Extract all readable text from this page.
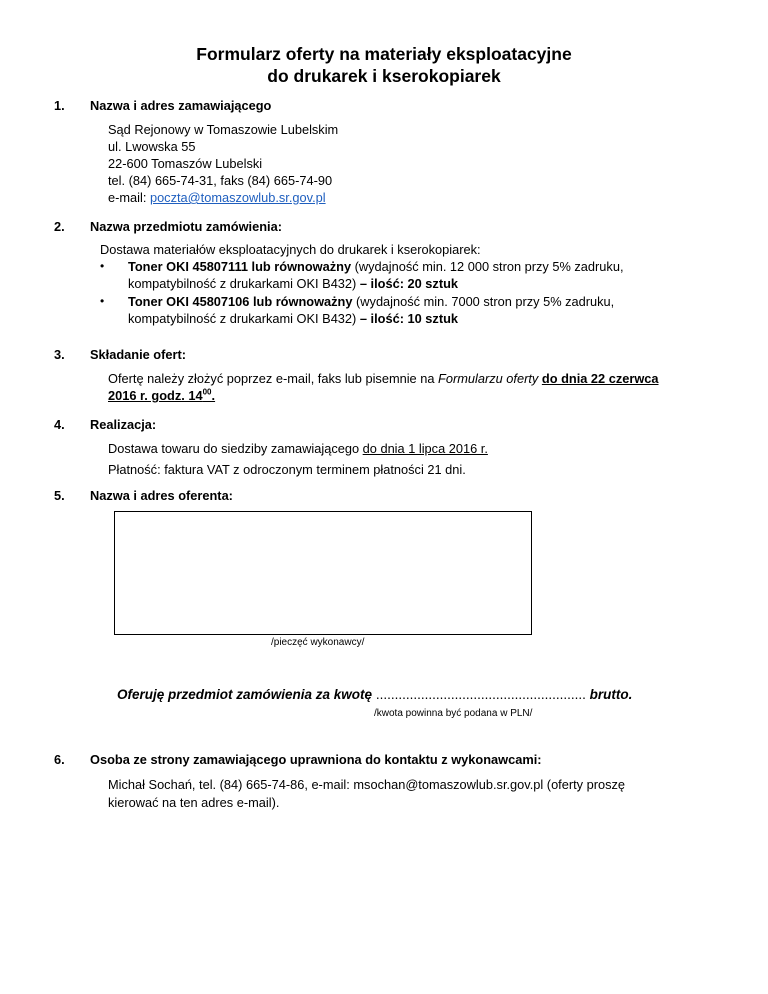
Formularz oferty na materiały eksploatacyjne
do drukarek i kserokopiarek
1. Nazwa i adres zamawiającego
Sąd Rejonowy w Tomaszowie Lubelskim
ul. Lwowska 55
22-600 Tomaszów Lubelski
tel. (84) 665-74-31, faks (84) 665-74-90
e-mail: poczta@tomaszowlub.sr.gov.pl
2. Nazwa przedmiotu zamówienia:
Dostawa materiałów eksploatacyjnych do drukarek i kserokopiarek:
• Toner OKI 45807111 lub równoważny (wydajność min. 12 000 stron przy 5% zadruku,
kompatybilność z drukarkami OKI B432) – ilość: 20 sztuk
• Toner OKI 45807106 lub równoważny (wydajność min. 7000 stron przy 5% zadruku,
kompatybilność z drukarkami OKI B432) – ilość: 10 sztuk
3. Składanie ofert:
Ofertę należy złożyć poprzez e-mail, faks lub pisemnie na Formularzu oferty do dnia 22 czerwca
2016 r. godz. $14^{00}$.
4. Realizacja:
Dostawa towaru do siedziby zamawiającego do dnia 1 lipca 2016 r.
Płatność: faktura VAT z odroczonym terminem płatności 21 dni.
5. Nazwa i adres oferenta:
/pieczęć wykonawcy/
Oferuję przedmiot zamówienia za kwotę ........................................................ brutto.
/kwota powinna być podana w PLN/
6. Osoba ze strony zamawiającego uprawniona do kontaktu z wykonawcami:
Michał Sochań, tel. (84) 665-74-86, e-mail: msochan@tomaszowlub.sr.gov.pl (oferty proszę
kierować na ten adres e-mail).
